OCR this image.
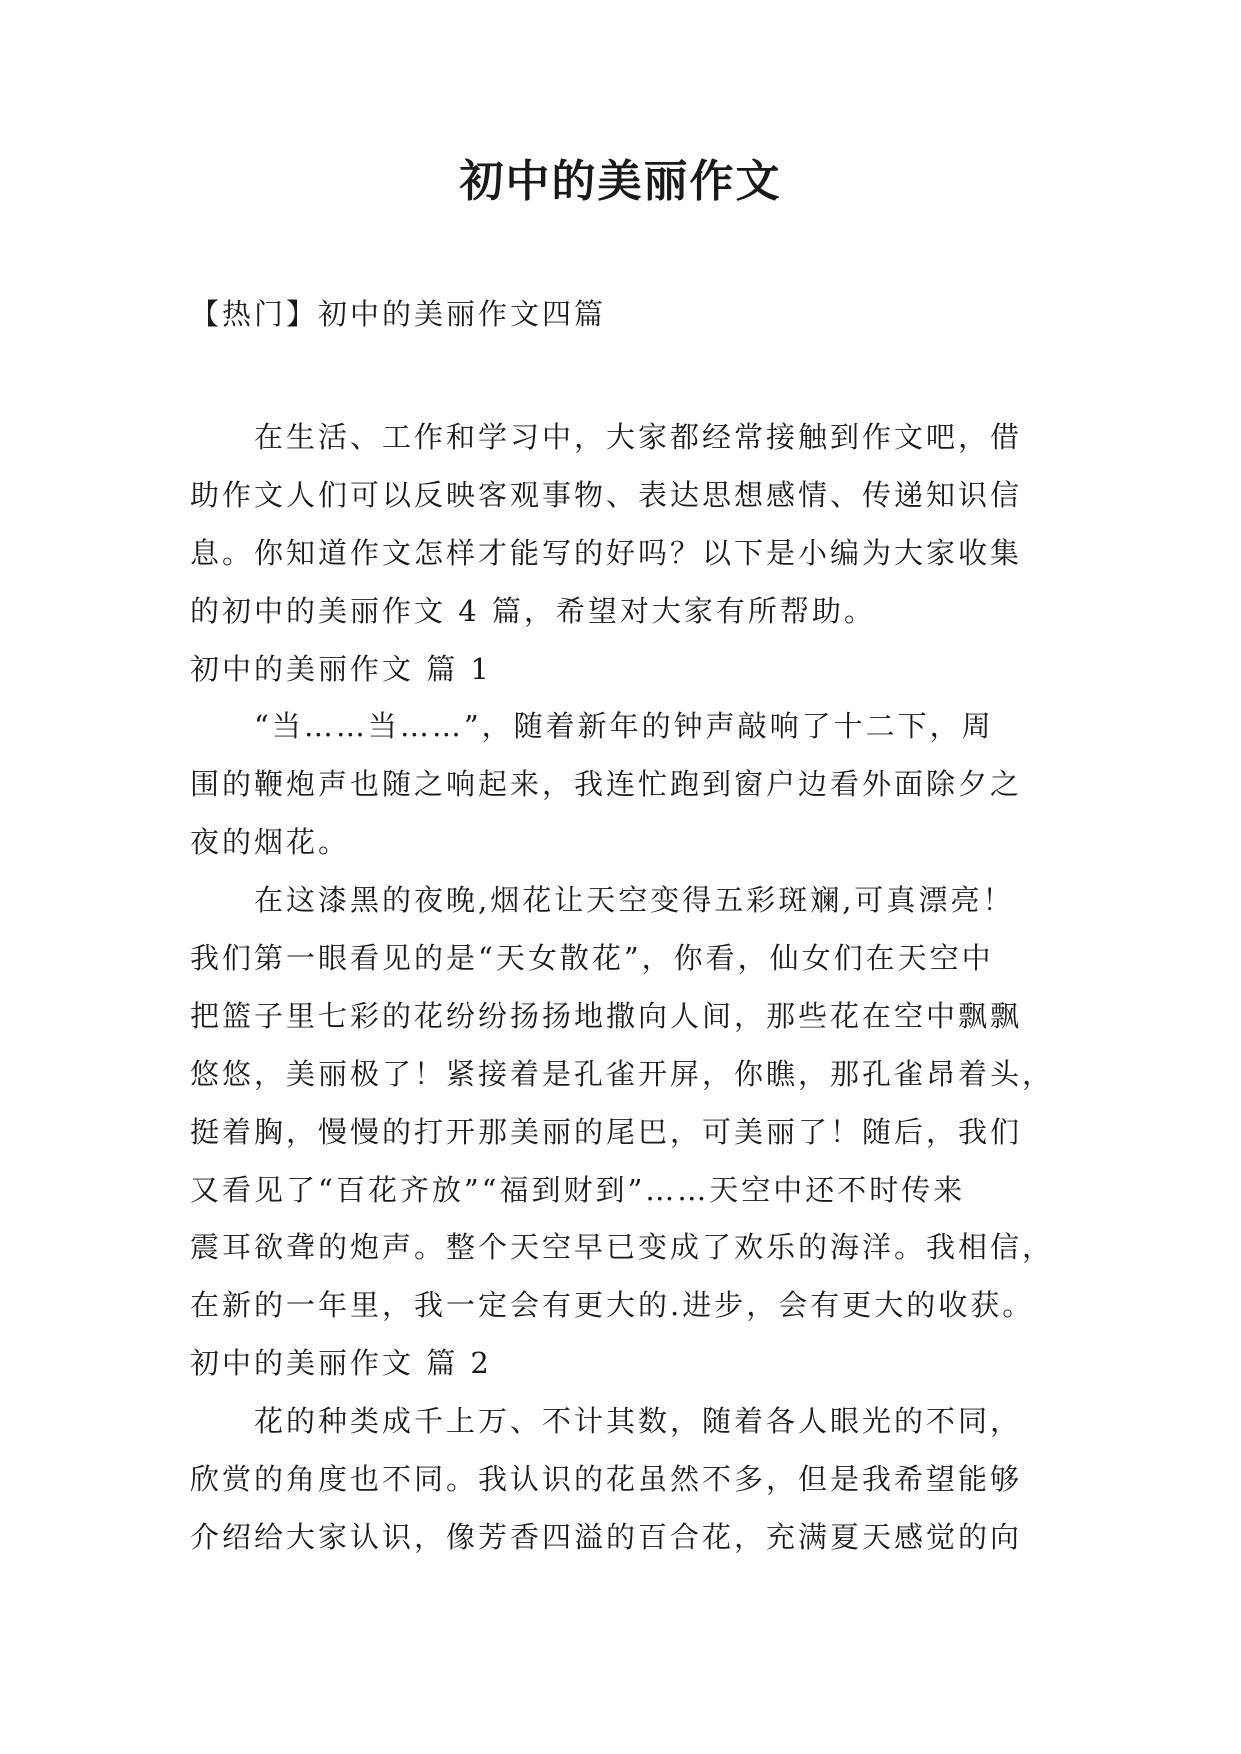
初中的美丽作文

【热门】初中的美丽作文四篇

在生活、工作和学习中，大家都经常接触到作文吧，借

助作文人们可以反映客观事物、表达思想感情、传递知识信

息。你知道作文怎样才能写的好吗？以下是小编为大家收集

的初中的美丽作文 4 篇，希望对大家有所帮助。

初中的美丽作文 篇 1

“当……当……”，随着新年的钟声敲响了十二下，周

围的鞭炮声也随之响起来，我连忙跑到窗户边看外面除夕之

夜的烟花。

在这漆黑的夜晚,烟花让天空变得五彩斑斓,可真漂亮！

我们第一眼看见的是“天女散花”，你看，仙女们在天空中

把篮子里七彩的花纷纷扬扬地撒向人间，那些花在空中飘飘

悠悠，美丽极了！紧接着是孔雀开屏，你瞧，那孔雀昂着头，

挺着胸，慢慢的打开那美丽的尾巴，可美丽了！随后，我们

又看见了“百花齐放”“福到财到”……天空中还不时传来

震耳欲聋的炮声。整个天空早已变成了欢乐的海洋。我相信，

在新的一年里，我一定会有更大的.进步，会有更大的收获。

初中的美丽作文 篇 2

花的种类成千上万、不计其数，随着各人眼光的不同，

欣赏的角度也不同。我认识的花虽然不多，但是我希望能够

介绍给大家认识，像芳香四溢的百合花，充满夏天感觉的向
